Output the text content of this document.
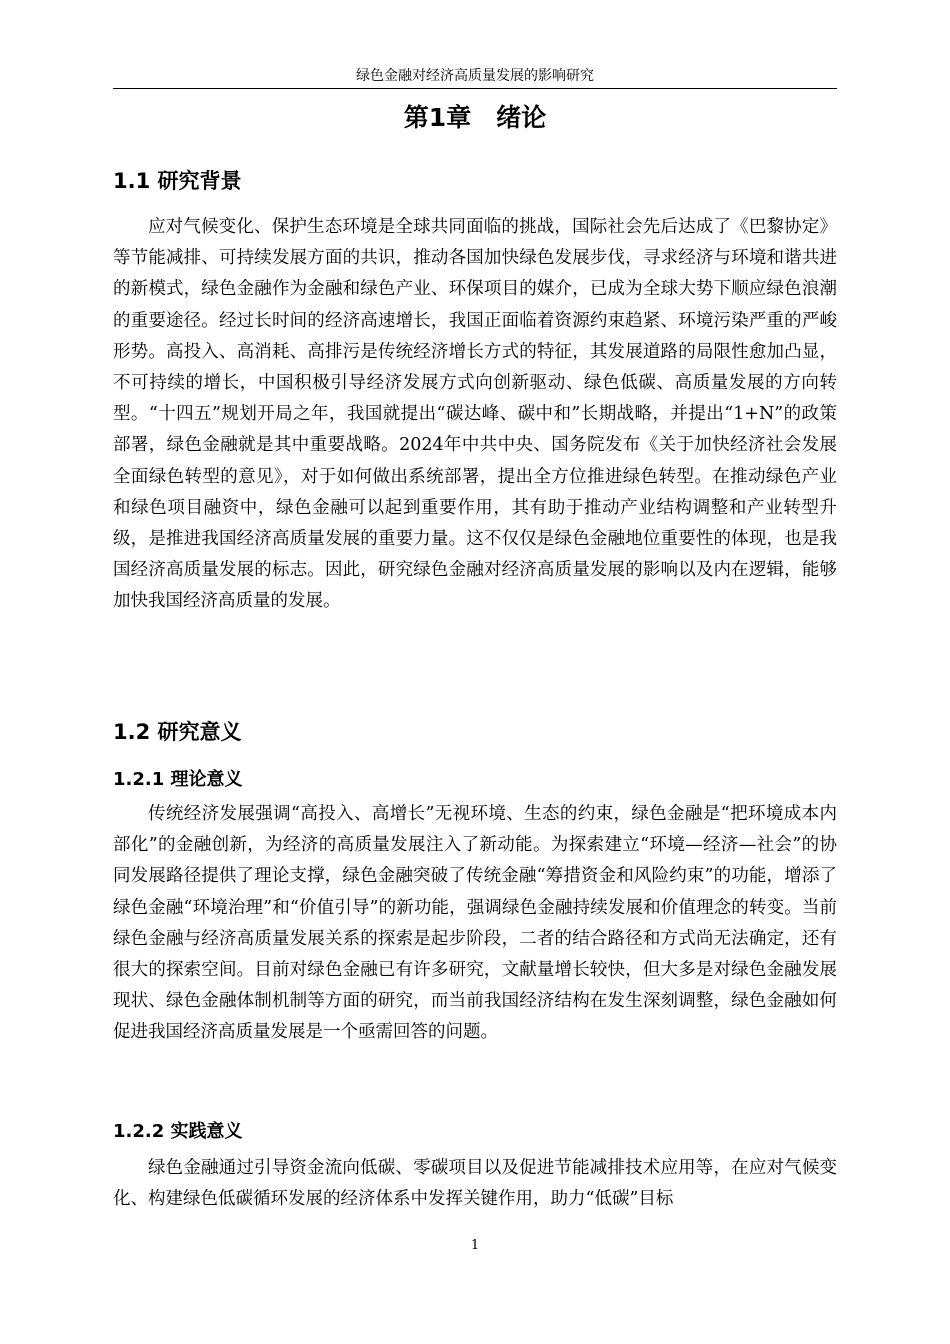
绿色金融对经济高质量发展的影响研究
第1章　绪论
1.1 研究背景

应对气候变化、保护生态环境是全球共同面临的挑战，国际社会先后达成了《巴黎协定》等节能减排、可持续发展方面的共识，推动各国加快绿色发展步伐，寻求经济与环境和谐共进的新模式，绿色金融作为金融和绿色产业、环保项目的媒介，已成为全球大势下顺应绿色浪潮的重要途径。经过长时间的经济高速增长，我国正面临着资源约束趋紧、环境污染严重的严峻形势。高投入、高消耗、高排污是传统经济增长方式的特征，其发展道路的局限性愈加凸显，不可持续的增长，中国积极引导经济发展方式向创新驱动、绿色低碳、高质量发展的方向转型。“十四五”规划开局之年，我国就提出“碳达峰、碳中和”长期战略，并提出“1+N”的政策部署，绿色金融就是其中重要战略。2024年中共中央、国务院发布《关于加快经济社会发展全面绿色转型的意见》，对于如何做出系统部署，提出全方位推进绿色转型。在推动绿色产业和绿色项目融资中，绿色金融可以起到重要作用，其有助于推动产业结构调整和产业转型升级，是推进我国经济高质量发展的重要力量。这不仅仅是绿色金融地位重要性的体现，也是我国经济高质量发展的标志。因此，研究绿色金融对经济高质量发展的影响以及内在逻辑，能够加快我国经济高质量的发展。

1.2 研究意义
1.2.1 理论意义

传统经济发展强调“高投入、高增长”无视环境、生态的约束，绿色金融是“把环境成本内部化”的金融创新，为经济的高质量发展注入了新动能。为探索建立“环境—经济—社会”的协同发展路径提供了理论支撑，绿色金融突破了传统金融“筹措资金和风险约束”的功能，增添了绿色金融“环境治理”和“价值引导”的新功能，强调绿色金融持续发展和价值理念的转变。当前绿色金融与经济高质量发展关系的探索是起步阶段，二者的结合路径和方式尚无法确定，还有很大的探索空间。目前对绿色金融已有许多研究，文献量增长较快，但大多是对绿色金融发展现状、绿色金融体制机制等方面的研究，而当前我国经济结构在发生深刻调整，绿色金融如何促进我国经济高质量发展是一个亟需回答的问题。

1.2.2 实践意义

绿色金融通过引导资金流向低碳、零碳项目以及促进节能减排技术应用等，在应对气候变化、构建绿色低碳循环发展的经济体系中发挥关键作用，助力“低碳”目标

1
